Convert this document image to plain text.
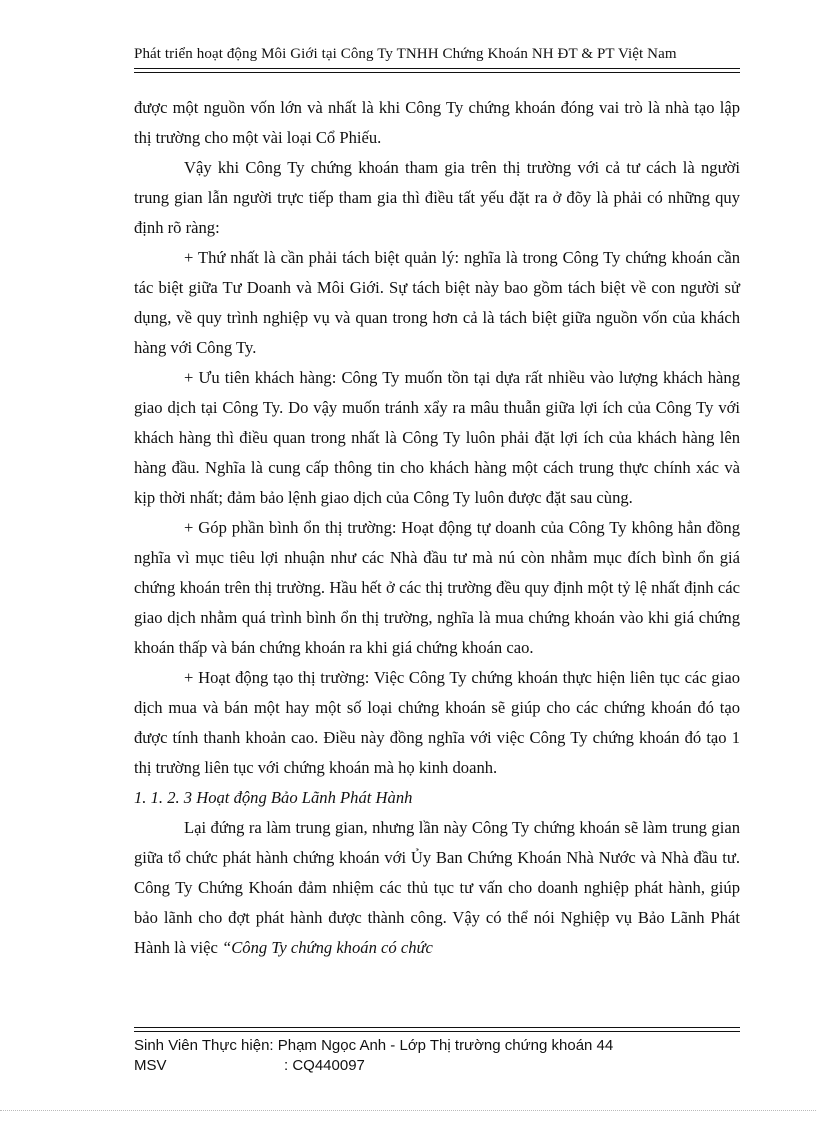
Phát triển hoạt động Môi Giới tại Công Ty TNHH Chứng Khoán NH ĐT & PT Việt Nam

được một nguồn vốn lớn và nhất là khi Công Ty chứng khoán đóng vai trò là nhà tạo lập thị trường cho một vài loại Cổ Phiếu.

Vậy khi Công Ty chứng khoán tham gia trên thị trường với cả tư cách là người trung gian lẫn người trực tiếp tham gia thì điều tất yếu đặt ra ở đõy là phải có những quy định rõ ràng:

+ Thứ nhất là cần phải tách biệt quản lý: nghĩa là trong Công Ty chứng khoán cần tác biệt giữa Tư Doanh và Môi Giới. Sự tách biệt này bao gồm tách biệt về con người sử dụng, về quy trình nghiệp vụ và quan trong hơn cả là tách biệt giữa nguồn vốn của khách hàng với Công Ty.

+ Ưu tiên khách hàng: Công Ty muốn tồn tại dựa rất nhiều vào lượng khách hàng giao dịch tại Công Ty. Do vậy muốn tránh xẩy ra mâu thuẫn giữa lợi ích của Công Ty với khách hàng thì điều quan trong nhất là Công Ty luôn phải đặt lợi ích của khách hàng lên hàng đầu. Nghĩa là cung cấp thông tin cho khách hàng một cách trung thực chính xác và kịp thời nhất; đảm bảo lệnh giao dịch của Công Ty luôn được đặt sau cùng.

+ Góp phần bình ổn thị trường: Hoạt động tự doanh của Công Ty không hẳn đồng nghĩa vì mục tiêu lợi nhuận như các Nhà đầu tư mà nú còn nhằm mục đích bình ổn giá chứng khoán trên thị trường. Hầu hết ở các thị trường đều quy định một tỷ lệ nhất định các giao dịch nhằm quá trình bình ổn thị trường, nghĩa là mua chứng khoán vào khi giá chứng khoán thấp và bán chứng khoán ra khi giá chứng khoán cao.

+ Hoạt động tạo thị trường: Việc Công Ty chứng khoán thực hiện liên tục các giao dịch mua và bán một hay một số loại chứng khoán sẽ giúp cho các chứng khoán đó tạo được tính thanh khoản cao. Điều này đồng nghĩa với việc Công Ty chứng khoán đó tạo 1 thị trường liên tục với chứng khoán mà họ kinh doanh.

1. 1. 2. 3 Hoạt động Bảo Lãnh Phát Hành

Lại đứng ra làm trung gian, nhưng lần này Công Ty chứng khoán sẽ làm trung gian giữa tổ chức phát hành chứng khoán với Ủy Ban Chứng Khoán Nhà Nước và Nhà đầu tư. Công Ty Chứng Khoán đảm nhiệm các thủ tục tư vấn cho doanh nghiệp phát hành, giúp bảo lãnh cho đợt phát hành được thành công. Vậy có thể nói Nghiệp vụ Bảo Lãnh Phát Hành là việc “Công Ty chứng khoán có chức

Sinh Viên Thực hiện: Phạm Ngọc Anh - Lớp Thị trường chứng khoán 44
MSV	: CQ440097
